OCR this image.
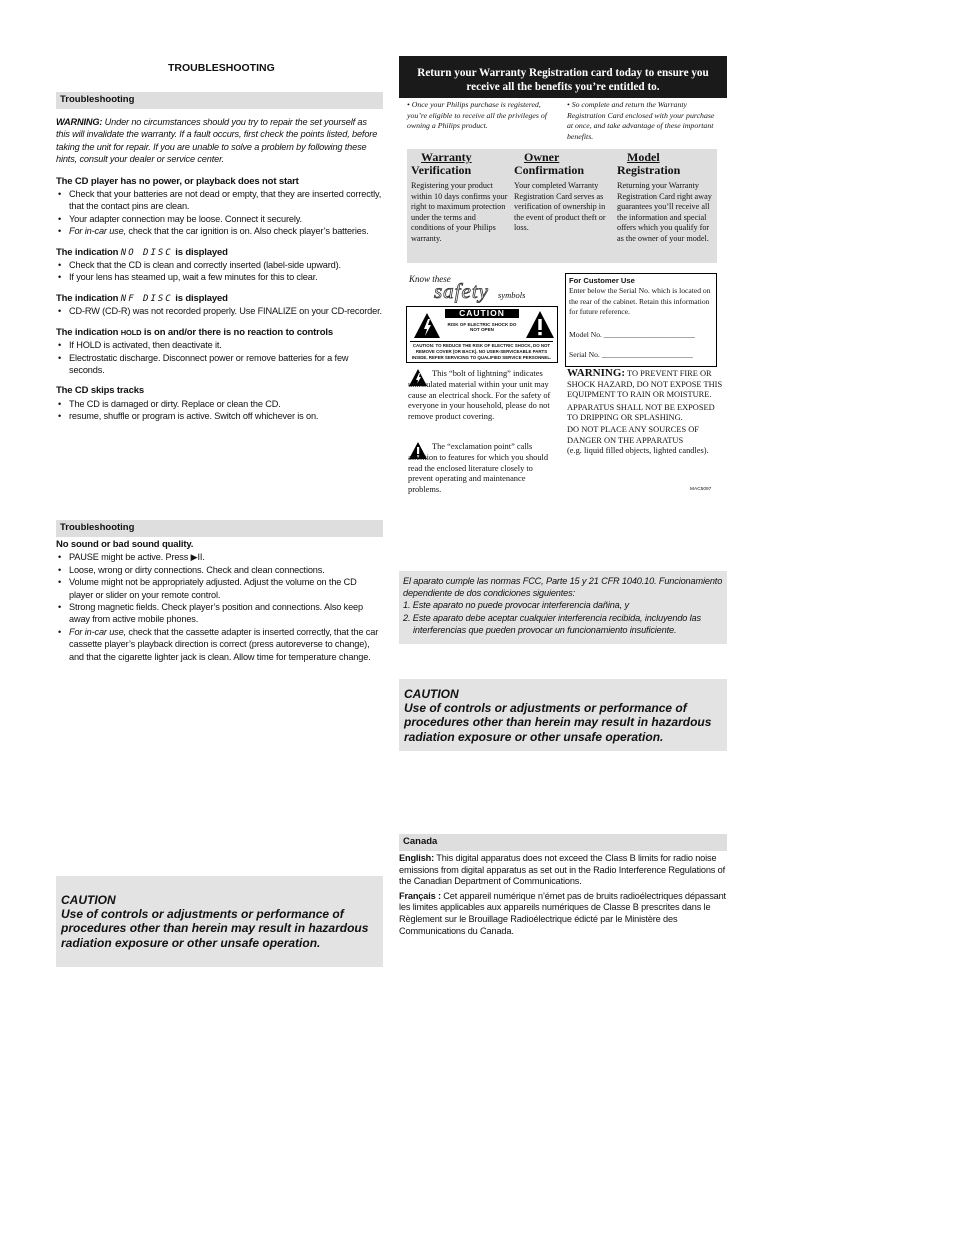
TROUBLESHOOTING
Troubleshooting

WARNING: Under no circumstances should you try to repair the set yourself as this will invalidate the warranty. If a fault occurs, first check the points listed, before taking the unit for repair. If you are unable to solve a problem by following these hints, consult your dealer or service center.

The CD player has no power, or playback does not start

• Check that your batteries are not dead or empty, that they are inserted correctly, that the contact pins are clean.
• Your adapter connection may be loose. Connect it securely.
• For in-car use, check that the car ignition is on. Also check player’s batteries.

The indication NO DISC is displayed

• Check that the CD is clean and correctly inserted (label-side upward).
• If your lens has steamed up, wait a few minutes for this to clear.

The indication NF DISC is displayed

• CD-RW (CD-R) was not recorded properly. Use FINALIZE on your CD-recorder.

The indication HOLD is on and/or there is no reaction to controls

• If HOLD is activated, then deactivate it.
• Electrostatic discharge. Disconnect power or remove batteries for a few seconds.

The CD skips tracks

• The CD is damaged or dirty. Replace or clean the CD.
• resume, shuffle or program is active. Switch off whichever is on.
Troubleshooting

No sound or bad sound quality.

• PAUSE might be active. Press ▶II.
• Loose, wrong or dirty connections. Check and clean connections.
• Volume might not be appropriately adjusted. Adjust the volume on the CD player or slider on your remote control.
• Strong magnetic fields. Check player’s position and connections. Also keep away from active mobile phones.
• For in-car use, check that the cassette adapter is inserted correctly, that the car cassette player’s playback direction is correct (press autoreverse to change), and that the cigarette lighter jack is clean. Allow time for temperature change.
CAUTION
Use of controls or adjustments or performance of procedures other than herein may result in hazardous radiation exposure or other unsafe operation.
Return your Warranty Registration card today to ensure you receive all the benefits you’re entitled to.
• Once your Philips purchase is registered, you’re eligible to receive all the privileges of owning a Philips product.
• So complete and return the Warranty Registration Card enclosed with your purchase at once, and take advantage of these important benefits.
Warranty
Verification
Registering your product within 10 days confirms your right to maximum protection under the terms and conditions of your Philips warranty.
Owner
Confirmation
Your completed Warranty Registration Card serves as verification of ownership in the event of product theft or loss.
Model
Registration
Returning your Warranty Registration Card right away guarantees you’ll receive all the information and special offers which you qualify for as the owner of your model.
Know these
safety symbols
CAUTION
RISK OF ELECTRIC SHOCK DO NOT OPEN
CAUTION: TO REDUCE THE RISK OF ELECTRIC SHOCK, DO NOT REMOVE COVER (OR BACK). NO USER-SERVICEABLE PARTS INSIDE. REFER SERVICING TO QUALIFIED SERVICE PERSONNEL.
This “bolt of lightning” indicates uninsulated material within your unit may cause an electrical shock. For the safety of everyone in your household, please do not remove product covering.
The “exclamation point” calls attention to features for which you should read the enclosed literature closely to prevent operating and maintenance problems.
For Customer Use
Enter below the Serial No. which is located on the rear of the cabinet. Retain this information for future reference.
Model No. ________________________
Serial No. ________________________

WARNING: TO PREVENT FIRE OR SHOCK HAZARD, DO NOT EXPOSE THIS EQUIPMENT TO RAIN OR MOISTURE.

APPARATUS SHALL NOT BE EXPOSED TO DRIPPING OR SPLASHING.

DO NOT PLACE ANY SOURCES OF DANGER ON THE APPARATUS

(e.g. liquid filled objects, lighted candles).

MAC5097

El aparato cumple las normas FCC, Parte 15 y 21 CFR 1040.10. Funcionamiento dependiente de dos condiciones siguientes:

1. Este aparato no puede provocar interferencia dañina, y

2. Este aparato debe aceptar cualquier interferencia recibida, incluyendo las interferencias que pueden provocar un funcionamiento insuficiente.

CAUTION
Use of controls or adjustments or performance of procedures other than herein may result in hazardous radiation exposure or other unsafe operation.
Canada

English: This digital apparatus does not exceed the Class B limits for radio noise emissions from digital apparatus as set out in the Radio Interference Regulations of the Canadian Department of Communications.

Français : Cet appareil numérique n’émet pas de bruits radioélectriques dépassant les limites applicables aux appareils numériques de Classe B prescrites dans le Règlement sur le Brouillage Radioélectrique édicté par le Ministère des Communications du Canada.
